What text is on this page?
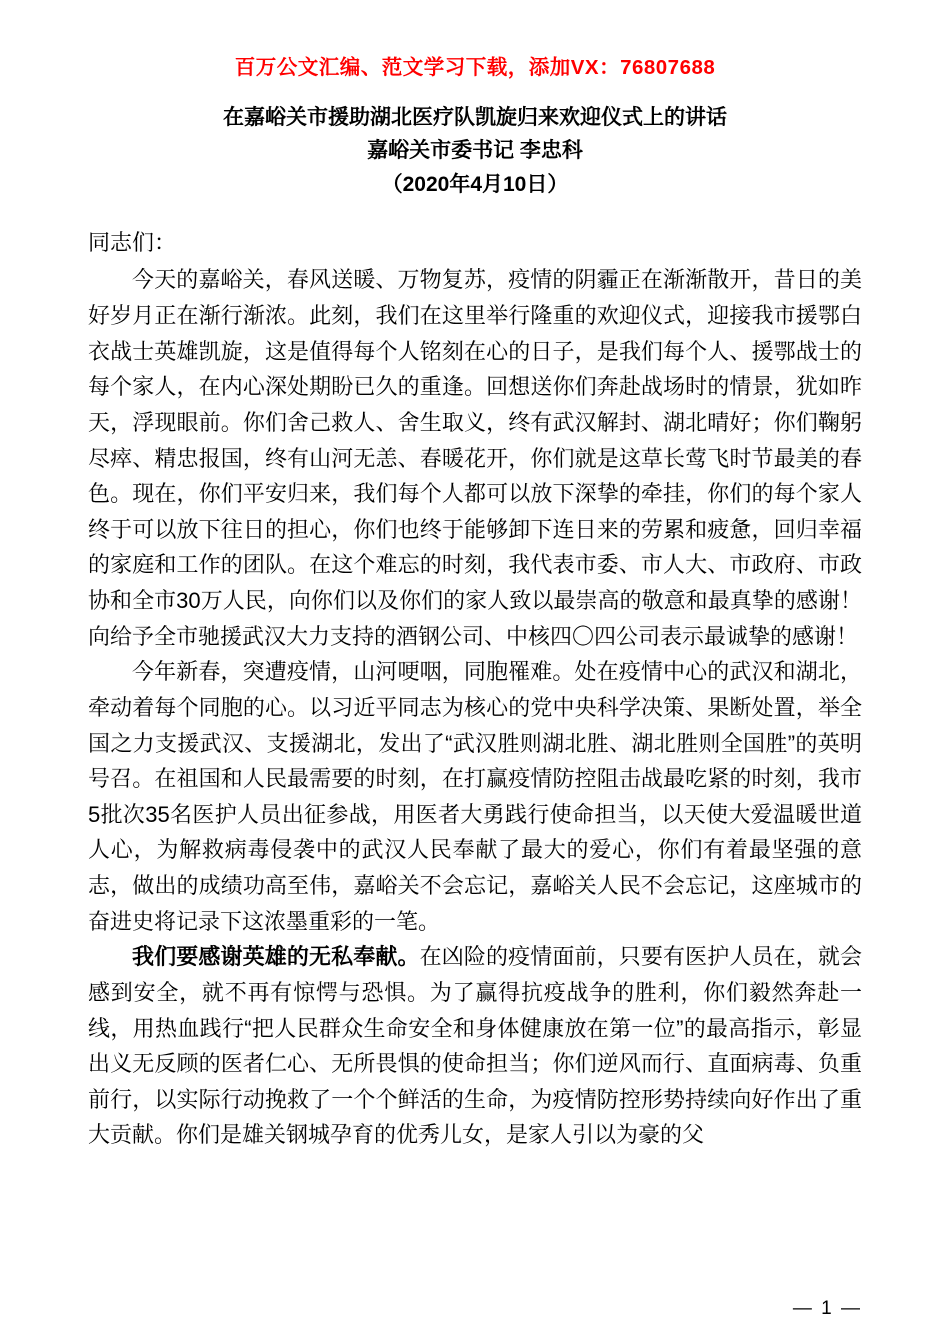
百万公文汇编、范文学习下载，添加VX：76807688
在嘉峪关市援助湖北医疗队凯旋归来欢迎仪式上的讲话
嘉峪关市委书记 李忠科
（2020年4月10日）
同志们：

今天的嘉峪关，春风送暖、万物复苏，疫情的阴霾正在渐渐散开，昔日的美好岁月正在渐行渐浓。此刻，我们在这里举行隆重的欢迎仪式，迎接我市援鄂白衣战士英雄凯旋，这是值得每个人铭刻在心的日子，是我们每个人、援鄂战士的每个家人，在内心深处期盼已久的重逢。回想送你们奔赴战场时的情景，犹如昨天，浮现眼前。你们舍己救人、舍生取义，终有武汉解封、湖北晴好；你们鞠躬尽瘁、精忠报国，终有山河无恙、春暖花开，你们就是这草长莺飞时节最美的春色。现在，你们平安归来，我们每个人都可以放下深挚的牵挂，你们的每个家人终于可以放下往日的担心，你们也终于能够卸下连日来的劳累和疲惫，回归幸福的家庭和工作的团队。在这个难忘的时刻，我代表市委、市人大、市政府、市政协和全市30万人民，向你们以及你们的家人致以最崇高的敬意和最真挚的感谢！向给予全市驰援武汉大力支持的酒钢公司、中核四〇四公司表示最诚挚的感谢！

今年新春，突遭疫情，山河哽咽，同胞罹难。处在疫情中心的武汉和湖北，牵动着每个同胞的心。以习近平同志为核心的党中央科学决策、果断处置，举全国之力支援武汉、支援湖北，发出了“武汉胜则湖北胜、湖北胜则全国胜”的英明号召。在祖国和人民最需要的时刻，在打赢疫情防控阻击战最吃紧的时刻，我市5批次35名医护人员出征参战，用医者大勇践行使命担当，以天使大爱温暖世道人心，为解救病毒侵袭中的武汉人民奉献了最大的爱心，你们有着最坚强的意志，做出的成绩功高至伟，嘉峪关不会忘记，嘉峪关人民不会忘记，这座城市的奋进史将记录下这浓墨重彩的一笔。

我们要感谢英雄的无私奉献。在凶险的疫情面前，只要有医护人员在，就会感到安全，就不再有惊愕与恐惧。为了赢得抗疫战争的胜利，你们毅然奔赴一线，用热血践行“把人民群众生命安全和身体健康放在第一位”的最高指示，彰显出义无反顾的医者仁心、无所畏惧的使命担当；你们逆风而行、直面病毒、负重前行，以实际行动挽救了一个个鲜活的生命，为疫情防控形势持续向好作出了重大贡献。你们是雄关钢城孕育的优秀儿女，是家人引以为豪的父

— 1 —
